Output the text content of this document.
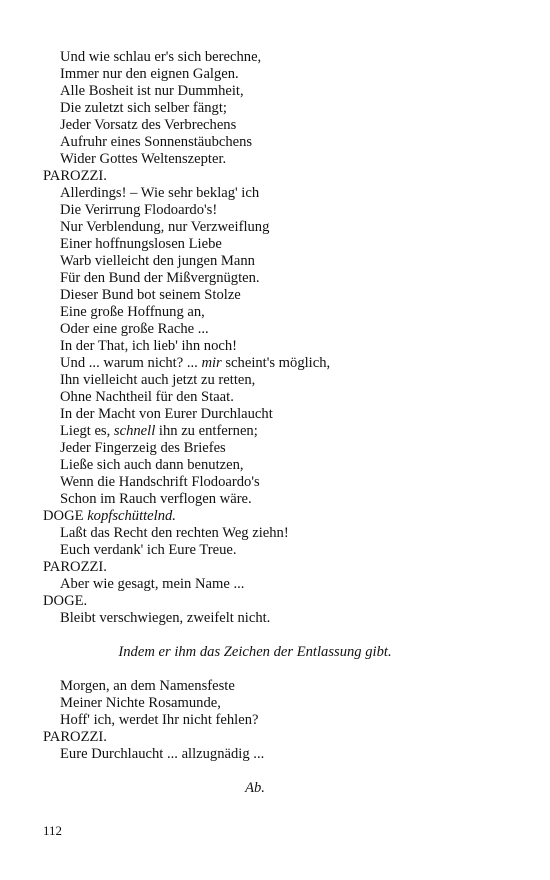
Und wie schlau er's sich berechne,
Immer nur den eignen Galgen.
Alle Bosheit ist nur Dummheit,
Die zuletzt sich selber fängt;
Jeder Vorsatz des Verbrechens
Aufruhr eines Sonnenstäubchens
Wider Gottes Weltenszepter.
PAROZZI.
Allerdings! – Wie sehr beklag' ich
Die Verirrung Flodoardo's!
Nur Verblendung, nur Verzweiflung
Einer hoffnungslosen Liebe
Warb vielleicht den jungen Mann
Für den Bund der Mißvergnügten.
Dieser Bund bot seinem Stolze
Eine große Hoffnung an,
Oder eine große Rache ...
In der That, ich lieb' ihn noch!
Und ... warum nicht? ... mir scheint's möglich,
Ihn vielleicht auch jetzt zu retten,
Ohne Nachtheil für den Staat.
In der Macht von Eurer Durchlaucht
Liegt es, schnell ihn zu entfernen;
Jeder Fingerzeig des Briefes
Ließe sich auch dann benutzen,
Wenn die Handschrift Flodoardo's
Schon im Rauch verflogen wäre.
DOGE kopfschüttelnd.
Laßt das Recht den rechten Weg ziehn!
Euch verdank' ich Eure Treue.
PAROZZI.
Aber wie gesagt, mein Name ...
DOGE.
Bleibt verschwiegen, zweifelt nicht.
Indem er ihm das Zeichen der Entlassung gibt.
Morgen, an dem Namensfeste
Meiner Nichte Rosamunde,
Hoff' ich, werdet Ihr nicht fehlen?
PAROZZI.
Eure Durchlaucht ... allzugnädig ...
Ab.
112
